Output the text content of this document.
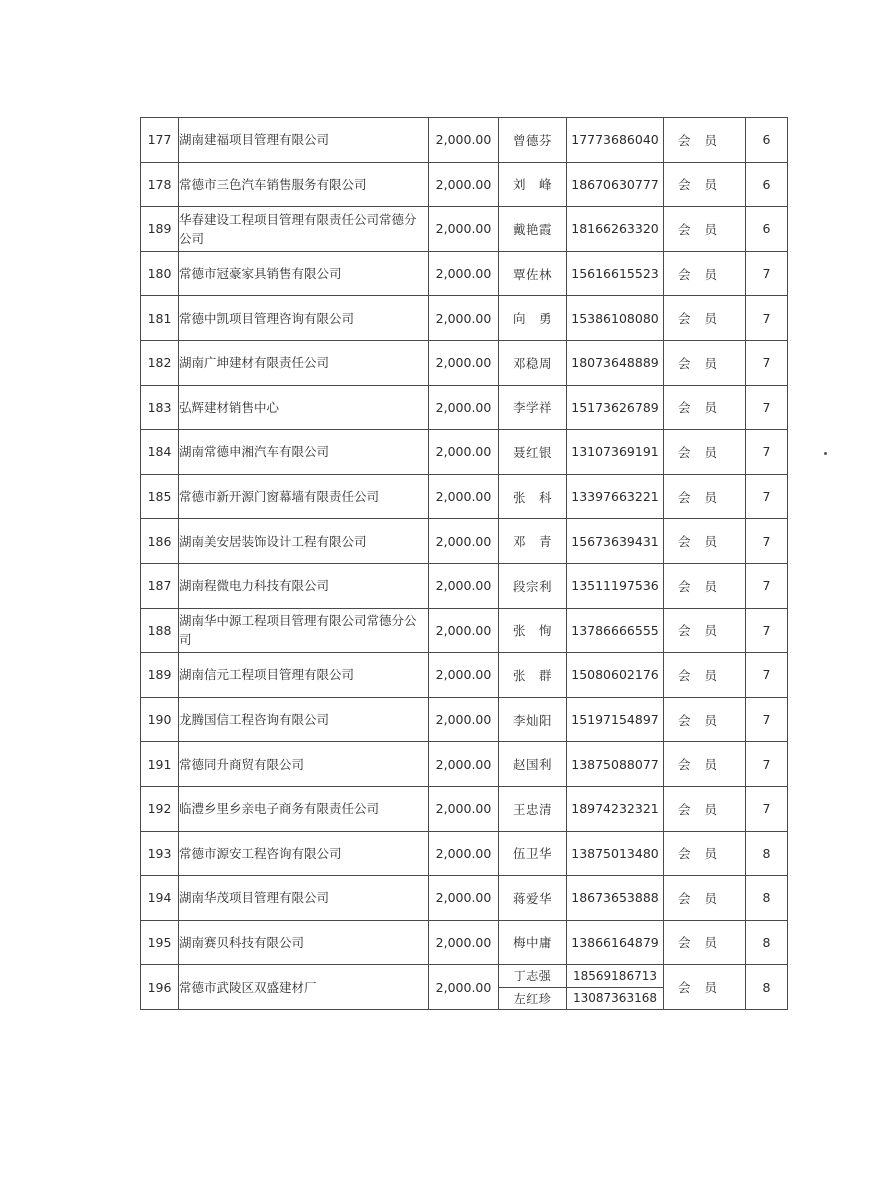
177	湖南建福项目管理有限公司	2,000.00	曾德芬	17773686040	会员	6
178	常德市三色汽车销售服务有限公司	2,000.00	刘　峰	18670630777	会员	6
189	华春建设工程项目管理有限责任公司常德分公司	2,000.00	戴艳霞	18166263320	会员	6
180	常德市冠豪家具销售有限公司	2,000.00	覃佐林	15616615523	会员	7
181	常德中凯项目管理咨询有限公司	2,000.00	向　勇	15386108080	会员	7
182	湖南广坤建材有限责任公司	2,000.00	邓稳周	18073648889	会员	7
183	弘辉建材销售中心	2,000.00	李学祥	15173626789	会员	7
184	湖南常德申湘汽车有限公司	2,000.00	聂红银	13107369191	会员	7
185	常德市新开源门窗幕墙有限责任公司	2,000.00	张　科	13397663221	会员	7
186	湖南美安居装饰设计工程有限公司	2,000.00	邓　青	15673639431	会员	7
187	湖南程微电力科技有限公司	2,000.00	段宗利	13511197536	会员	7
188	湖南华中源工程项目管理有限公司常德分公司	2,000.00	张　恂	13786666555	会员	7
189	湖南信元工程项目管理有限公司	2,000.00	张　群	15080602176	会员	7
190	龙腾国信工程咨询有限公司	2,000.00	李灿阳	15197154897	会员	7
191	常德同升商贸有限公司	2,000.00	赵国利	13875088077	会员	7
192	临澧乡里乡亲电子商务有限责任公司	2,000.00	王忠清	18974232321	会员	7
193	常德市源安工程咨询有限公司	2,000.00	伍卫华	13875013480	会员	8
194	湖南华茂项目管理有限公司	2,000.00	蒋爱华	18673653888	会员	8
195	湖南赛贝科技有限公司	2,000.00	梅中庸	13866164879	会员	8
196	常德市武陵区双盛建材厂	2,000.00	丁志强	18569186713	会员	8
			左红珍	13087363168		
